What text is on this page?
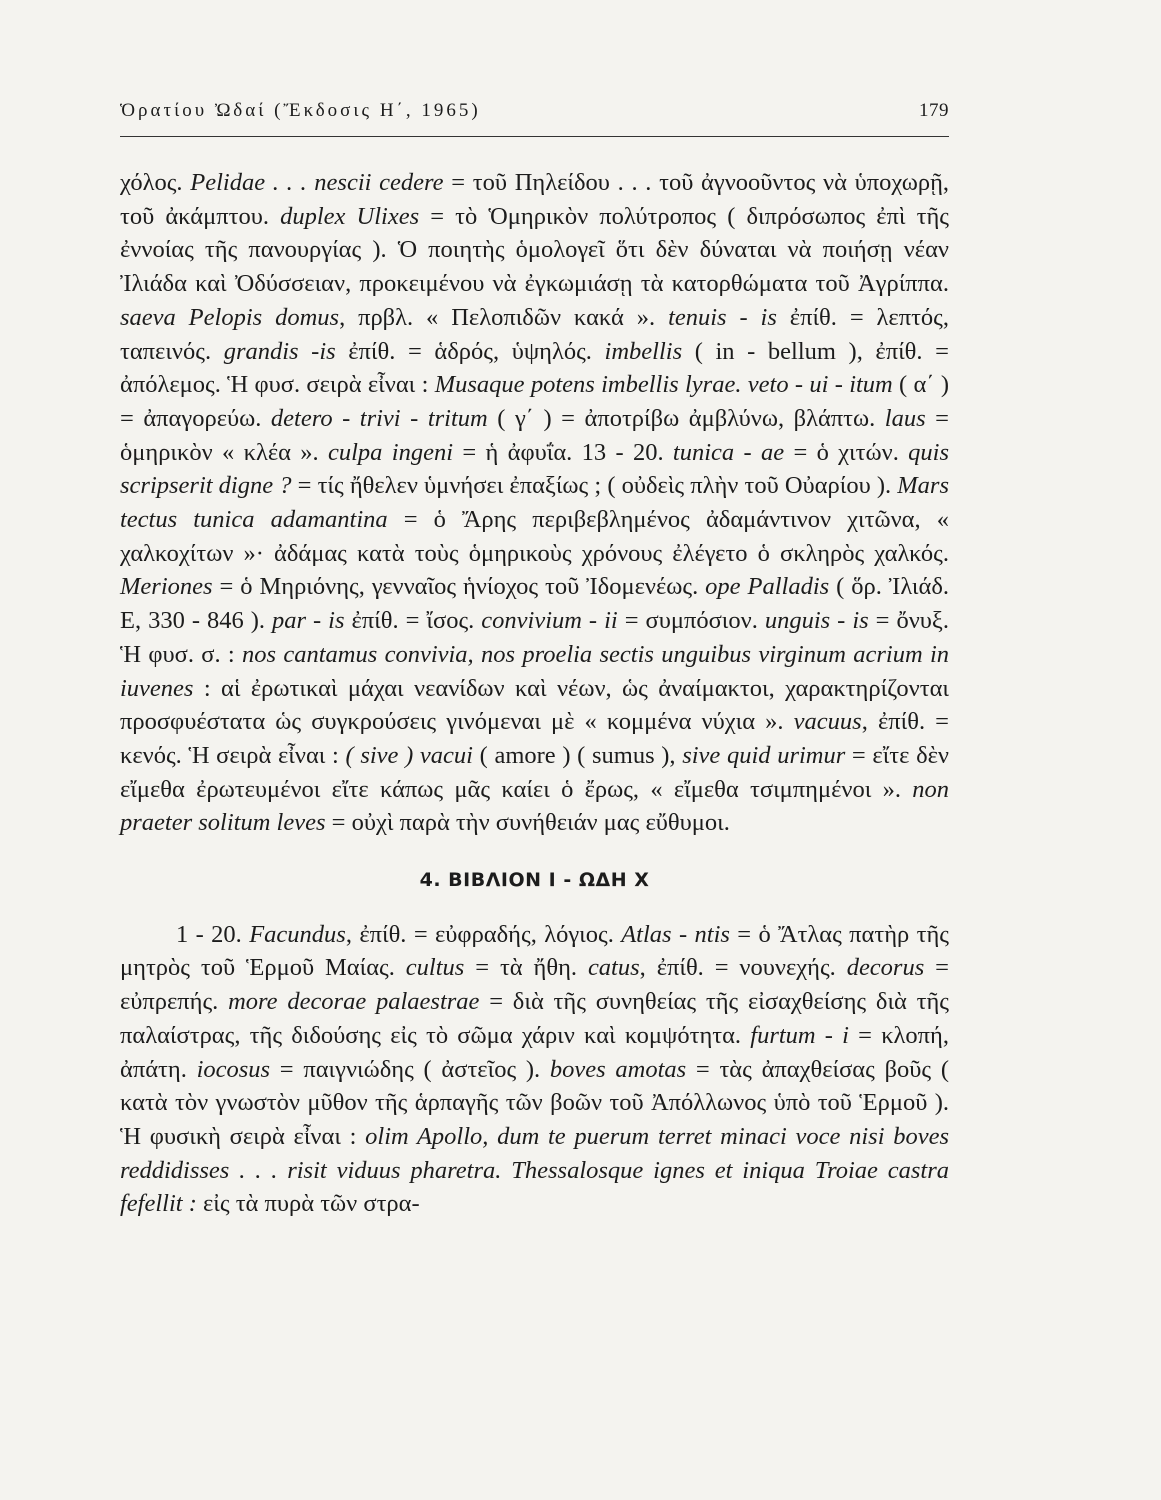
Ὁρατίου Ὠδαί (Ἔκδοσις Η΄, 1965)	179

χόλος. Pelidae . . . nescii cedere = τοῦ Πηλείδου . . . τοῦ ἀγνοοῦντος νὰ ὑποχωρῇ, τοῦ ἀκάμπτου. duplex Ulixes = τὸ Ὁμηρικὸν πολύτροπος ( διπρόσωπος ἐπὶ τῆς ἐννοίας τῆς πανουργίας ). Ὁ ποιητὴς ὁμολογεῖ ὅτι δὲν δύναται νὰ ποιήσῃ νέαν Ἰλιάδα καὶ Ὀδύσσειαν, προκειμένου νὰ ἐγκωμιάσῃ τὰ κατορθώματα τοῦ Ἀγρίππα. saeva Pelopis domus, πρβλ. « Πελοπιδῶν κακά ». tenuis - is ἐπίθ. = λεπτός, ταπεινός. grandis -is ἐπίθ. = ἁδρός, ὑψηλός. imbellis ( in - bellum ), ἐπίθ. = ἀπόλεμος. Ἡ φυσ. σειρὰ εἶναι : Musaque potens imbellis lyrae. veto - ui - itum ( α΄ ) = ἀπαγορεύω. detero - trivi - tritum ( γ΄ ) = ἀποτρίβω ἀμβλύνω, βλάπτω. laus = ὁμηρικὸν « κλέα ». culpa ingeni = ἡ ἀφυΐα. 13 - 20. tunica - ae = ὁ χιτών. quis scripserit digne ? = τίς ἤθελεν ὑμνήσει ἐπαξίως ; ( οὐδεὶς πλὴν τοῦ Οὐαρίου ). Mars tectus tunica adamantina = ὁ Ἄρης περιβεβλημένος ἀδαμάντινον χιτῶνα, « χαλκοχίτων »· ἀδάμας κατὰ τοὺς ὁμηρικοὺς χρόνους ἐλέγετο ὁ σκληρὸς χαλκός. Meriones = ὁ Μηριόνης, γενναῖος ἡνίοχος τοῦ Ἰδομενέως. ope Palladis ( ὅρ. Ἰλιάδ. Ε, 330 - 846 ). par - is ἐπίθ. = ἴσος. convivium - ii = συμπόσιον. unguis - is = ὄνυξ. Ἡ φυσ. σ. : nos cantamus convivia, nos proelia sectis unguibus virginum acrium in iuvenes : αἱ ἐρωτικαὶ μάχαι νεανίδων καὶ νέων, ὡς ἀναίμακτοι, χαρακτηρίζονται προσφυέστατα ὡς συγκρούσεις γινόμεναι μὲ « κομμένα νύχια ». vacuus, ἐπίθ. = κενός. Ἡ σειρὰ εἶναι : ( sive ) vacui ( amore ) ( sumus ), sive quid urimur = εἴτε δὲν εἴμεθα ἐρωτευμένοι εἴτε κάπως μᾶς καίει ὁ ἔρως, « εἴμεθα τσιμπημένοι ». non praeter solitum leves = οὐχὶ παρὰ τὴν συνήθειάν μας εὔθυμοι.

4. ΒΙΒΛΙΟΝ Ι - ΩΔΗ Χ

1 - 20. Facundus, ἐπίθ. = εὐφραδής, λόγιος. Atlas - ntis = ὁ Ἄτλας πατὴρ τῆς μητρὸς τοῦ Ἑρμοῦ Μαίας. cultus = τὰ ἤθη. catus, ἐπίθ. = νουνεχής. decorus = εὐπρεπής. more decorae palaestrae = διὰ τῆς συνηθείας τῆς εἰσαχθείσης διὰ τῆς παλαίστρας, τῆς διδούσης εἰς τὸ σῶμα χάριν καὶ κομψότητα. furtum - i = κλοπή, ἀπάτη. iocosus = παιγνιώδης ( ἀστεῖος ). boves amotas = τὰς ἀπαχθείσας βοῦς ( κατὰ τὸν γνωστὸν μῦθον τῆς ἁρπαγῆς τῶν βοῶν τοῦ Ἀπόλλωνος ὑπὸ τοῦ Ἑρμοῦ ). Ἡ φυσικὴ σειρὰ εἶναι : olim Apollo, dum te puerum terret minaci voce nisi boves reddidisses . . . risit viduus pharetra. Thessalosque ignes et iniqua Troiae castra fefellit : εἰς τὰ πυρὰ τῶν στρα-
